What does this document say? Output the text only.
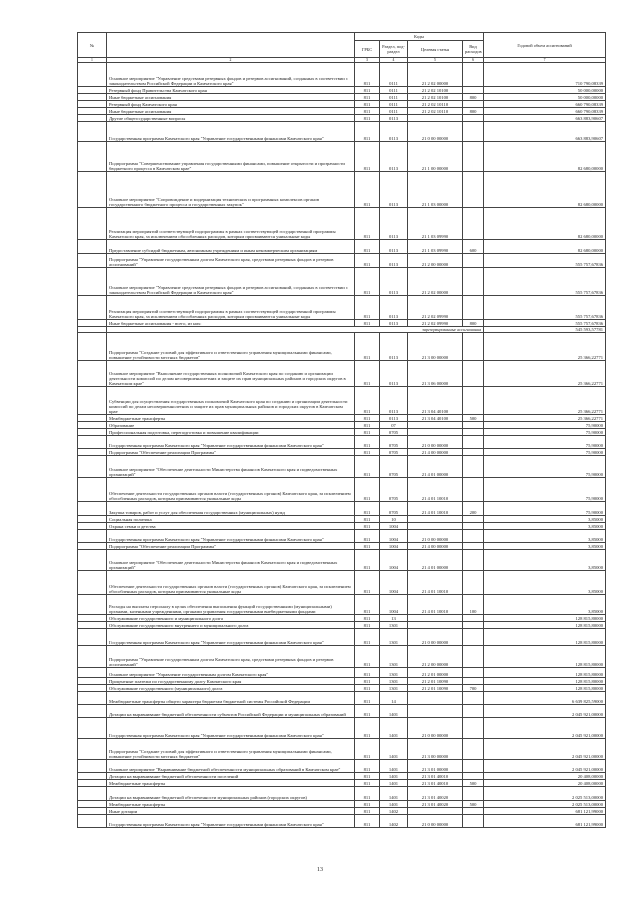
№		Коды				Годовой объем ассигнований
		ГРБС	Раздел, под-раздел	Целевая статья	Вид расходов	
1	2	3	4	5	6	7
	Основное мероприятие "Управление средствами резервных фондов и резервов ассигнований, созданных в соответствии с законодательством Российской Федерации и Камчатского края"	811	0111	21 2 02 00000		710 790,08339
	Резервный фонд Правительства Камчатского края	811	0111	21 2 02 10100		50 000,00000
	Иные бюджетные ассигнования	811	0111	21 2 02 10100	800	50 000,00000
	Резервный фонд Камчатского края	811	0111	21 2 02 10110		660 790,08339
	Иные бюджетные ассигнования	811	0111	21 2 02 10110	800	660 790,08339
	Другие общегосударственные вопросы	811	0113			663 883,90607
	Государственная программа Камчатского края "Управление государственными финансами Камчатского края"	811	0113	21 0 00 00000		663 883,90607
	Подпрограмма "Совершенствование управления государственными финансами, повышение открытости и прозрачности бюджетного процесса в Камчатском крае"	811	0113	21 1 00 00000		82 680,00000
	Основное мероприятие "Сопровождение и модернизация технических и программных комплексов органов государственного бюджетного процесса и государственных закупок"	811	0113	21 1 03 00000		82 680,00000
	Реализация мероприятий соответствующей подпрограммы в рамках соответствующей государственной программы Камчатского края, за исключением обособленных расходов, которым присваиваются уникальные коды	811	0113	21 1 03 09990		82 680,00000
	Предоставление субсидий бюджетным, автономным учреждениям и иным некоммерческим организациям	811	0113	21 1 03 09990	600	82 680,00000
	Подпрограмма "Управление государственным долгом Камчатского края, средствами резервных фондов и резервов ассигнований"	811	0113	21 2 00 00000		555 757,67836
	Основное мероприятие "Управление средствами резервных фондов и резервов ассигнований, созданных в соответствии с законодательством Российской Федерации и Камчатского края"	811	0113	21 2 02 00000		555 757,67836
	Реализация мероприятий соответствующей подпрограммы в рамках соответствующей государственной программы Камчатского края, за исключением обособленных расходов, которым присваиваются уникальные коды	811	0113	21 2 02 09990		555 757,67836
	Иные бюджетные ассигнования - всего, из них:	811	0113	21 2 02 09990	800	555 757,67836
	зарезервированные ассигнования					545 593,57781
	Подпрограмма "Создание условий для эффективного и ответственного управления муниципальными финансами, повышение устойчивости местных бюджетов"	811	0113	21 3 00 00000		25 366,22771
	Основное мероприятие "Выполнение государственных полномочий Камчатского края по созданию и организации деятельности комиссий по делам несовершеннолетних и защите их прав муниципальных районов и городских округов в Камчатском крае"	811	0113	21 3 06 00000		25 366,22771
	Субвенции для осуществления государственных полномочий Камчатского края по созданию и организации деятельности комиссий по делам несовершеннолетних и защите их прав муниципальных районов и городских округов в Камчатском крае	811	0113	21 3 04 40100		25 366,22771
	Межбюджетные трансферты	811	0113	21 3 04 40100	500	25 366,22771
	Образование	811	07			75,90000
	Профессиональная подготовка, переподготовка и повышение квалификации	811	0705			75,90000
	Государственная программа Камчатского края "Управление государственными финансами Камчатского края"	811	0705	21 0 00 00000		75,90000
	Подпрограмма "Обеспечение реализации Программы"	811	0705	21 4 00 00000		75,90000
	Основное мероприятие "Обеспечение деятельности Министерства финансов Камчатского края и подведомственных организаций"	811	0705	21 4 01 00000		75,90000
	Обеспечение деятельности государственных органов власти (государственных органов) Камчатского края, за исключением обособленных расходов, которым присваиваются уникальные коды	811	0705	21 4 01 10010		75,90000
	Закупка товаров, работ и услуг для обеспечения государственных (муниципальных) нужд	811	0705	21 4 01 10010	200	75,90000
	Социальная политика	811	10			3,85000
	Охрана семьи и детства	811	1004			3,85000
	Государственная программа Камчатского края "Управление государственными финансами Камчатского края"	811	1004	21 0 00 00000		3,85000
	Подпрограмма "Обеспечение реализации Программы"	811	1004	21 4 00 00000		3,85000
	Основное мероприятие "Обеспечение деятельности Министерства финансов Камчатского края и подведомственных организаций"	811	1004	21 4 01 00000		3,85000
	Обеспечение деятельности государственных органов власти (государственных органов) Камчатского края, за исключением обособленных расходов, которым присваиваются уникальные коды	811	1004	21 4 01 10010		3,85000
	Расходы на выплаты персоналу в целях обеспечения выполнения функций государственными (муниципальными) органами, казенными учреждениями, органами управления государственными внебюджетными фондами	811	1004	21 4 01 10010	100	3,85000
	Обслуживание государственного и муниципального долга	811	13			128 815,80000
	Обслуживание государственного внутреннего и муниципального долга	811	1301			128 815,80000
	Государственная программа Камчатского края "Управление государственными финансами Камчатского края"	811	1301	21 0 00 00000		128 815,80000
	Подпрограмма "Управление государственным долгом Камчатского края, средствами резервных фондов и резервов ассигнований"	811	1301	21 2 00 00000		128 815,80000
	Основное мероприятие "Управление государственным долгом Камчатского края"	811	1301	21 2 01 00000		128 815,80000
	Процентные платежи по государственному долгу Камчатского края	811	1301	21 2 01 10090		128 815,80000
	Обслуживание государственного (муниципального) долга	811	1301	21 2 01 10090	700	128 815,80000
	Межбюджетные трансферты общего характера бюджетам бюджетной системы Российской Федерации	811	14			6 639 825,59000
	Дотации на выравнивание бюджетной обеспеченности субъектов Российской Федерации и муниципальных образований	811	1401			2 045 921,00000
	Государственная программа Камчатского края "Управление государственными финансами Камчатского края"	811	1401	21 0 00 00000		2 045 921,00000
	Подпрограмма "Создание условий для эффективного и ответственного управления муниципальными финансами, повышение устойчивости местных бюджетов"	811	1401	21 3 00 00000		2 045 921,00000
	Основное мероприятие "Выравнивание бюджетной обеспеченности муниципальных образований в Камчатском крае"	811	1401	21 3 01 00000		2 045 921,00000
	Дотации на выравнивание бюджетной обеспеченности поселений	811	1401	21 3 01 40010		20 408,00000
	Межбюджетные трансферты	811	1401	21 3 01 40010	500	20 408,00000
	Дотации на выравнивание бюджетной обеспеченности муниципальных районов (городских округов)	811	1401	21 3 01 40020		2 025 513,00000
	Межбюджетные трансферты	811	1401	21 3 01 40020	500	2 025 513,00000
	Иные дотации	811	1402			681 121,99000
	Государственная программа Камчатского края "Управление государственными финансами Камчатского края"	811	1402	21 0 00 00000		681 121,99000
13
